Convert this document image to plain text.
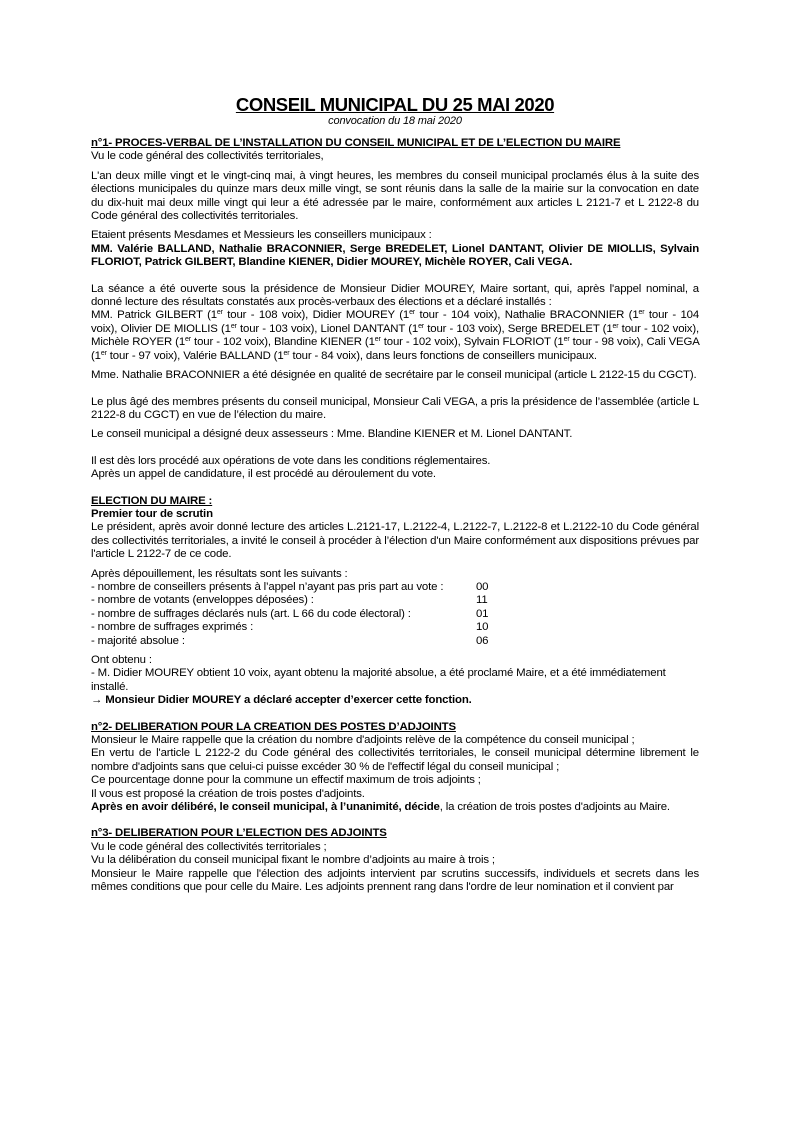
CONSEIL MUNICIPAL DU 25 MAI 2020

convocation du 18 mai 2020

n°1- PROCES-VERBAL DE L’INSTALLATION DU CONSEIL MUNICIPAL ET DE L’ELECTION DU MAIRE

Vu le code général des collectivités territoriales,

L'an deux mille vingt et le vingt-cinq mai, à vingt heures, les membres du conseil municipal proclamés élus à la suite des élections municipales du quinze mars deux mille vingt, se sont réunis dans la salle de la mairie sur la convocation en date du dix-huit mai deux mille vingt qui leur a été adressée par le maire, conformément aux articles L 2121-7 et L 2122-8 du Code général des collectivités territoriales.

Etaient présents Mesdames et Messieurs les conseillers municipaux :

MM. Valérie BALLAND, Nathalie BRACONNIER, Serge BREDELET, Lionel DANTANT, Olivier DE MIOLLIS, Sylvain FLORIOT, Patrick GILBERT, Blandine KIENER, Didier MOUREY, Michèle ROYER, Cali VEGA.

La séance a été ouverte sous la présidence de Monsieur Didier MOUREY, Maire sortant, qui, après l'appel nominal, a donné lecture des résultats constatés aux procès-verbaux des élections et a déclaré installés :

MM. Patrick GILBERT (1er tour - 108 voix), Didier MOUREY (1er tour - 104 voix), Nathalie BRACONNIER (1er tour - 104 voix), Olivier DE MIOLLIS (1er tour - 103 voix), Lionel DANTANT (1er tour - 103 voix), Serge BREDELET (1er tour - 102 voix), Michèle ROYER (1er tour - 102 voix), Blandine KIENER (1er tour - 102 voix), Sylvain FLORIOT (1er tour - 98 voix), Cali VEGA (1er tour - 97 voix), Valérie BALLAND (1er tour - 84 voix), dans leurs fonctions de conseillers municipaux.

Mme. Nathalie BRACONNIER a été désignée en qualité de secrétaire par le conseil municipal (article L 2122-15 du CGCT).

Le plus âgé des membres présents du conseil municipal, Monsieur Cali VEGA, a pris la présidence de l’assemblée (article L 2122-8 du CGCT) en vue de l’élection du maire.

Le conseil municipal a désigné deux assesseurs : Mme. Blandine KIENER et M. Lionel DANTANT.

Il est dès lors procédé aux opérations de vote dans les conditions réglementaires.

Après un appel de candidature, il est procédé au déroulement du vote.

ELECTION DU MAIRE :

Premier tour de scrutin

Le président, après avoir donné lecture des articles L.2121-17, L.2122-4, L.2122-7, L.2122-8 et L.2122-10 du Code général des collectivités territoriales, a invité le conseil à procéder à l’élection d'un Maire conformément aux dispositions prévues par l'article L 2122-7 de ce code.

Après dépouillement, les résultats sont les suivants :

- nombre de conseillers présents à l’appel n’ayant pas pris part au vote :	00
- nombre de votants (enveloppes déposées) :	11
- nombre de suffrages déclarés nuls (art. L 66 du code électoral) :	01
- nombre de suffrages exprimés :	10
- majorité absolue :	06

Ont obtenu :

- M. Didier MOUREY obtient 10 voix, ayant obtenu la majorité absolue, a été proclamé Maire, et a été immédiatement installé.

→ Monsieur Didier MOUREY a déclaré accepter d’exercer cette fonction.

n°2- DELIBERATION POUR LA CREATION DES POSTES D’ADJOINTS

Monsieur le Maire rappelle que la création du nombre d'adjoints relève de la compétence du conseil municipal ;

En vertu de l'article L 2122-2 du Code général des collectivités territoriales, le conseil municipal détermine librement le nombre d'adjoints sans que celui-ci puisse excéder 30 % de l'effectif légal du conseil municipal ;

Ce pourcentage donne pour la commune un effectif maximum de trois adjoints ;

Il vous est proposé la création de trois postes d'adjoints.

Après en avoir délibéré, le conseil municipal, à l’unanimité, décide, la création de trois postes d'adjoints au Maire.

n°3- DELIBERATION POUR L’ELECTION DES ADJOINTS

Vu le code général des collectivités territoriales ;

Vu la délibération du conseil municipal fixant le nombre d’adjoints au maire à trois ;

Monsieur le Maire rappelle que l'élection des adjoints intervient par scrutins successifs, individuels et secrets dans les mêmes conditions que pour celle du Maire. Les adjoints prennent rang dans l'ordre de leur nomination et il convient par
